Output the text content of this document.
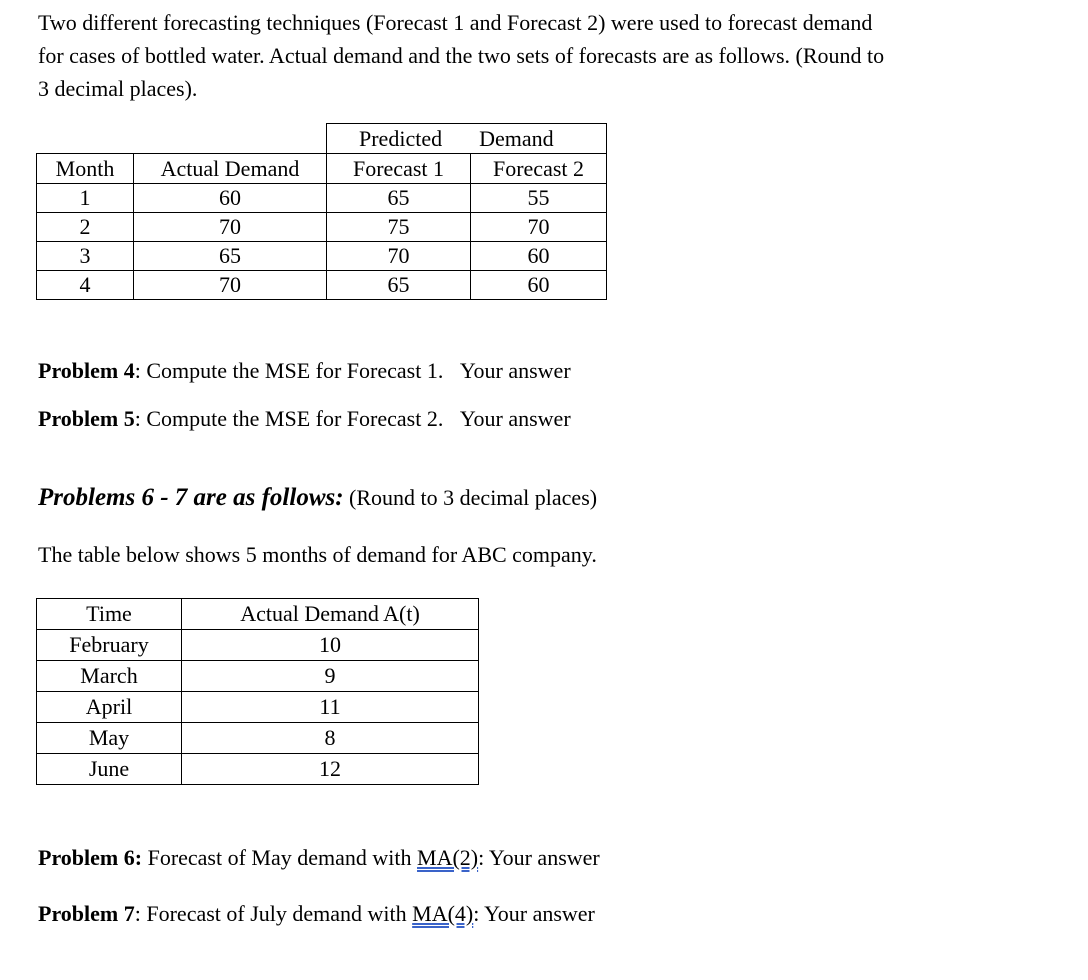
Two different forecasting techniques (Forecast 1 and Forecast 2) were used to forecast demand
for cases of bottled water. Actual demand and the two sets of forecasts are as follows. (Round to
3 decimal places).
		Predicted Demand	
Month	Actual Demand	Forecast 1	Forecast 2
1	60	65	55
2	70	75	70
3	65	70	60
4	70	65	60
Problem 4: Compute the MSE for Forecast 1. Your answer
Problem 5: Compute the MSE for Forecast 2. Your answer
Problems 6 - 7 are as follows: (Round to 3 decimal places)
The table below shows 5 months of demand for ABC company.
Time	Actual Demand A(t)
February	10
March	9
April	11
May	8
June	12
Problem 6: Forecast of May demand with MA(2): Your answer
Problem 7: Forecast of July demand with MA(4): Your answer
